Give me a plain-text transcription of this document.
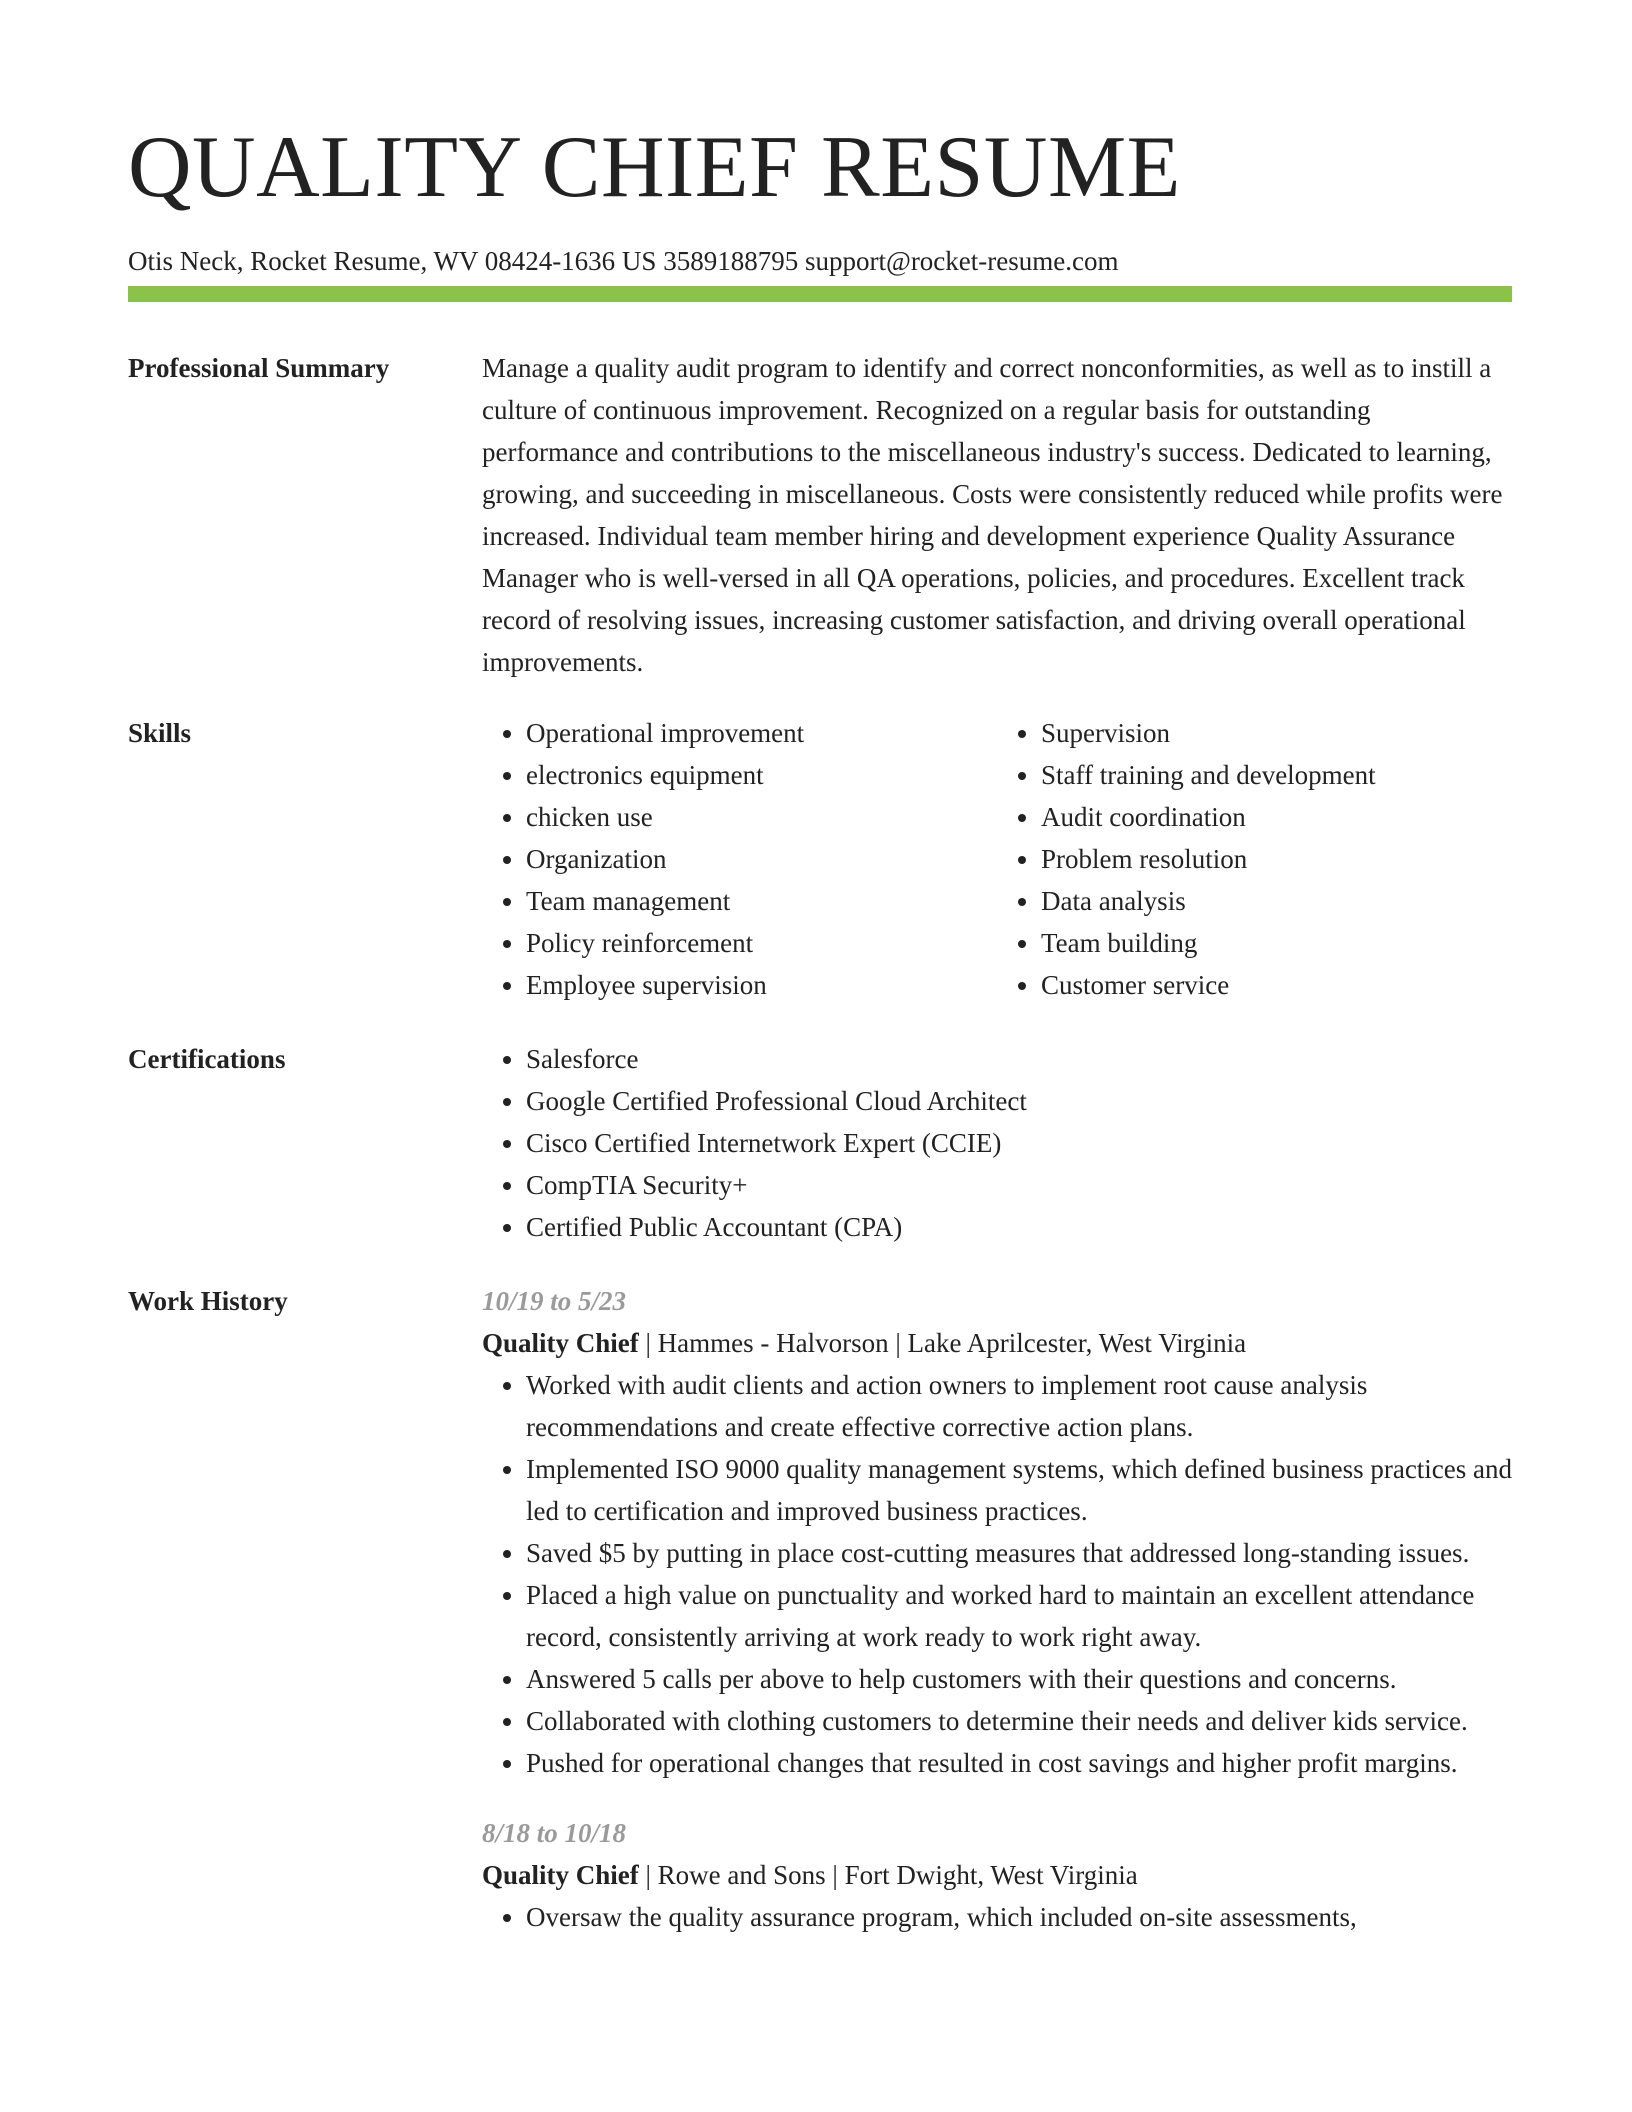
QUALITY CHIEF RESUME
Otis Neck, Rocket Resume, WV 08424-1636 US 3589188795 support@rocket-resume.com
Professional Summary	Manage a quality audit program to identify and correct nonconformities, as well as to instill a culture of continuous improvement. Recognized on a regular basis for outstanding performance and contributions to the miscellaneous industry's success. Dedicated to learning, growing, and succeeding in miscellaneous. Costs were consistently reduced while profits were increased. Individual team member hiring and development experience Quality Assurance Manager who is well-versed in all QA operations, policies, and procedures. Excellent track record of resolving issues, increasing customer satisfaction, and driving overall operational improvements.

Skills	• Operational improvement
• electronics equipment
• chicken use
• Organization
• Team management
• Policy reinforcement
• Employee supervision
• Supervision
• Staff training and development
• Audit coordination
• Problem resolution
• Data analysis
• Team building
• Customer service
Certifications	• Salesforce
• Google Certified Professional Cloud Architect
• Cisco Certified Internetwork Expert (CCIE)
• CompTIA Security+
• Certified Public Accountant (CPA)
Work History	10/19 to 5/23
Quality Chief | Hammes - Halvorson | Lake Aprilcester, West Virginia
• Worked with audit clients and action owners to implement root cause analysis recommendations and create effective corrective action plans.
• Implemented ISO 9000 quality management systems, which defined business practices and led to certification and improved business practices.
• Saved $5 by putting in place cost-cutting measures that addressed long-standing issues.
• Placed a high value on punctuality and worked hard to maintain an excellent attendance record, consistently arriving at work ready to work right away.
• Answered 5 calls per above to help customers with their questions and concerns.
• Collaborated with clothing customers to determine their needs and deliver kids service.
• Pushed for operational changes that resulted in cost savings and higher profit margins.
8/18 to 10/18
Quality Chief | Rowe and Sons | Fort Dwight, West Virginia
• Oversaw the quality assurance program, which included on-site assessments,
